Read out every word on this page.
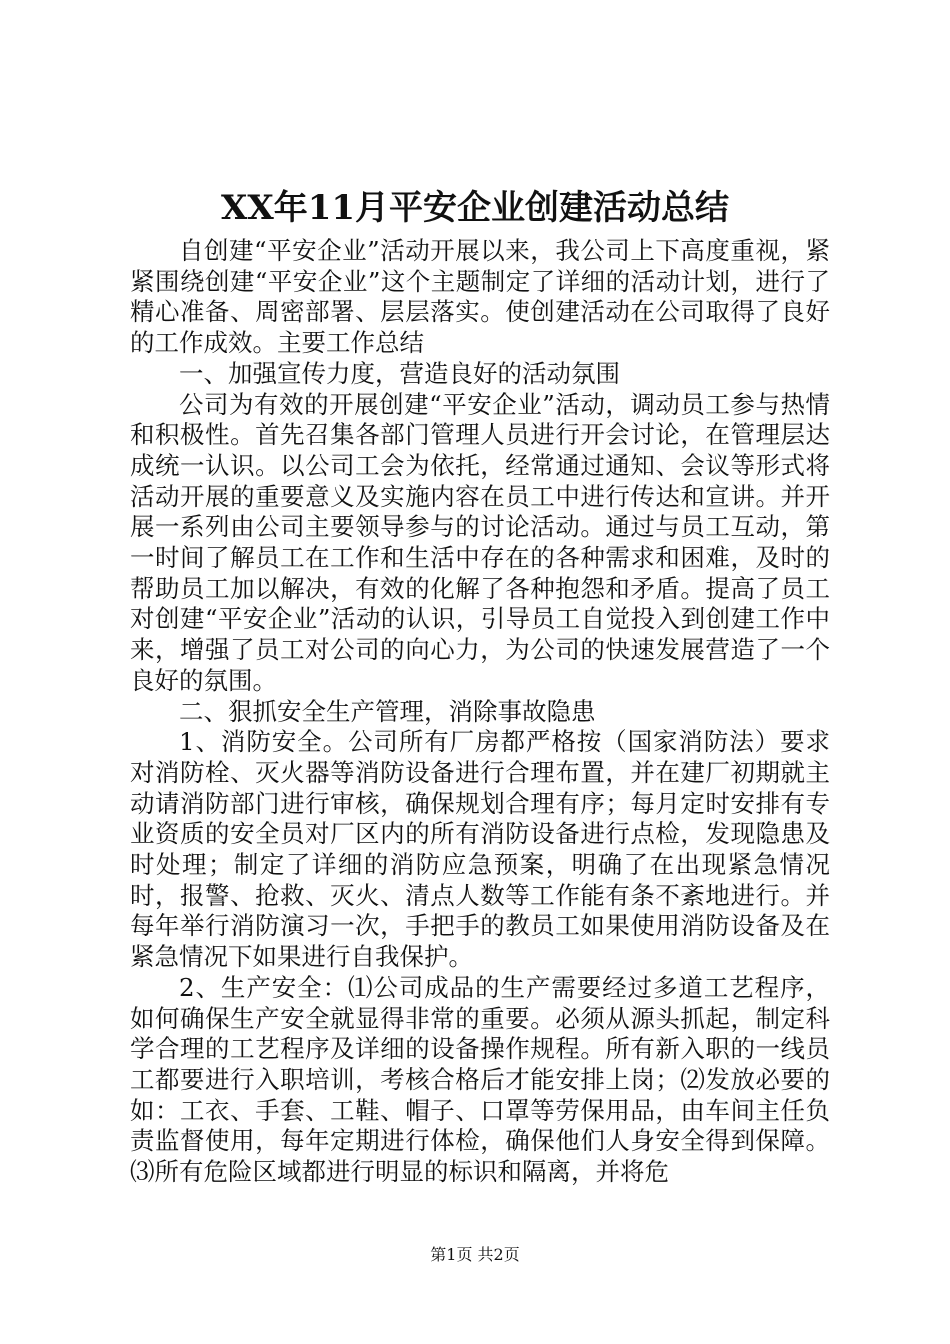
XX年11月平安企业创建活动总结

自创建“平安企业”活动开展以来，我公司上下高度重视，紧紧围绕创建“平安企业”这个主题制定了详细的活动计划，进行了精心准备、周密部署、层层落实。使创建活动在公司取得了良好的工作成效。主要工作总结

一、加强宣传力度，营造良好的活动氛围

公司为有效的开展创建“平安企业”活动，调动员工参与热情和积极性。首先召集各部门管理人员进行开会讨论，在管理层达成统一认识。以公司工会为依托，经常通过通知、会议等形式将活动开展的重要意义及实施内容在员工中进行传达和宣讲。并开展一系列由公司主要领导参与的讨论活动。通过与员工互动，第一时间了解员工在工作和生活中存在的各种需求和困难，及时的帮助员工加以解决，有效的化解了各种抱怨和矛盾。提高了员工对创建“平安企业”活动的认识，引导员工自觉投入到创建工作中来，增强了员工对公司的向心力，为公司的快速发展营造了一个良好的氛围。

二、狠抓安全生产管理，消除事故隐患

1、消防安全。公司所有厂房都严格按（国家消防法）要求对消防栓、灭火器等消防设备进行合理布置，并在建厂初期就主动请消防部门进行审核，确保规划合理有序；每月定时安排有专业资质的安全员对厂区内的所有消防设备进行点检，发现隐患及时处理；制定了详细的消防应急预案，明确了在出现紧急情况时，报警、抢救、灭火、清点人数等工作能有条不紊地进行。并每年举行消防演习一次，手把手的教员工如果使用消防设备及在紧急情况下如果进行自我保护。

2、生产安全：⑴公司成品的生产需要经过多道工艺程序，如何确保生产安全就显得非常的重要。必须从源头抓起，制定科学合理的工艺程序及详细的设备操作规程。所有新入职的一线员工都要进行入职培训，考核合格后才能安排上岗；⑵发放必要的如：工衣、手套、工鞋、帽子、口罩等劳保用品，由车间主任负责监督使用，每年定期进行体检，确保他们人身安全得到保障。⑶所有危险区域都进行明显的标识和隔离，并将危

第1页 共2页
